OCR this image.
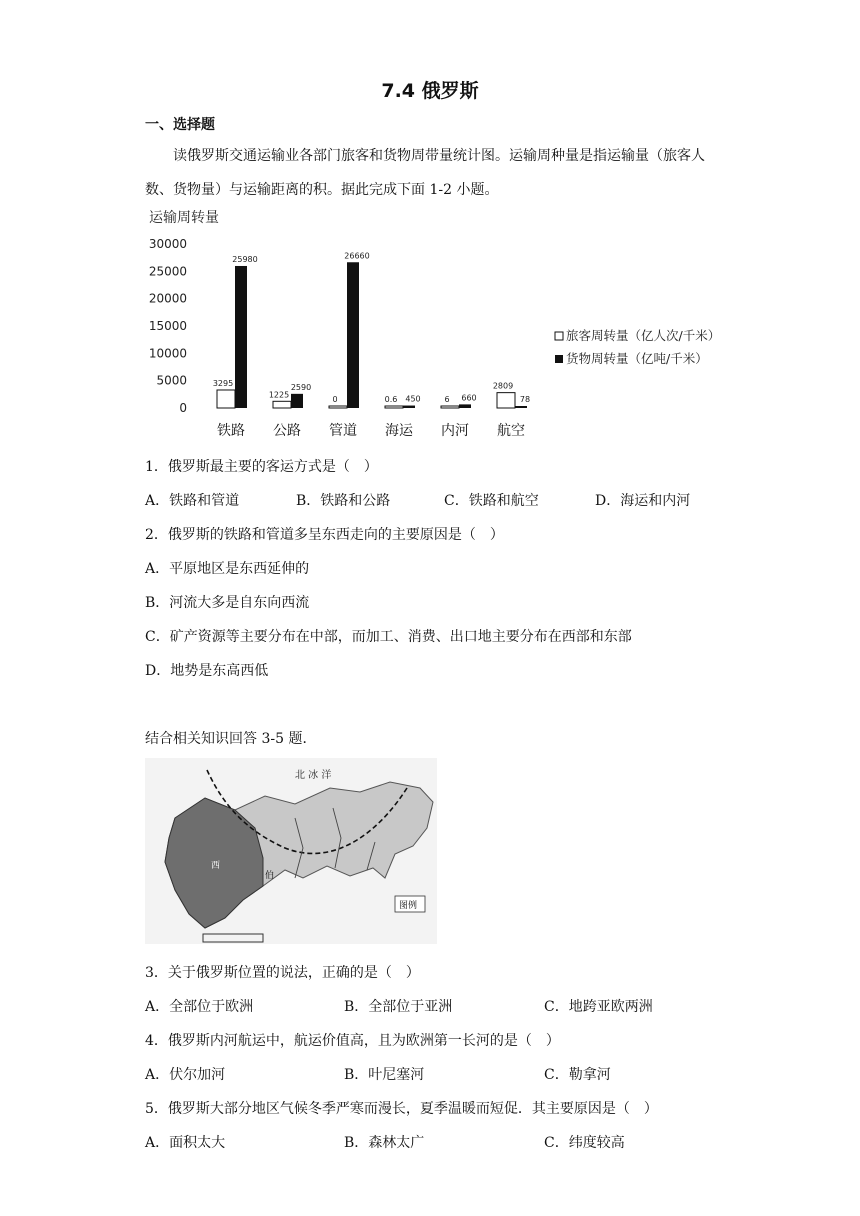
7.4 俄罗斯
一、选择题
读俄罗斯交通运输业各部门旅客和货物周带量统计图。运输周种量是指运输量（旅客人数、货物量）与运输距离的积。据此完成下面 1-2 小题。
运输周转量
30000
25000
20000
15000
10000
5000
0
3295
25980
1225
2590
0
26660
0.6 450	6 660
2809
78
铁路 公路 管道 海运 内河 航空
旅客周转量（亿人次/千米）
货物周转量（亿吨/千米）
1．俄罗斯最主要的客运方式是（　）
A．铁路和管道	B．铁路和公路	C．铁路和航空	D．海运和内河
2．俄罗斯的铁路和管道多呈东西走向的主要原因是（　）
A．平原地区是东西延伸的
B．河流大多是自东向西流
C．矿产资源等主要分布在中部，而加工、消费、出口地主要分布在西部和东部
D．地势是东高西低
结合相关知识回答 3-5 题．
北 冰 洋
西
伯
图例
3．关于俄罗斯位置的说法，正确的是（　）
A．全部位于欧洲	B．全部位于亚洲	C．地跨亚欧两洲
4．俄罗斯内河航运中，航运价值高，且为欧洲第一长河的是（　）
A．伏尔加河	B．叶尼塞河	C．勒拿河
5．俄罗斯大部分地区气候冬季严寒而漫长，夏季温暖而短促．其主要原因是（　）
A．面积太大	B．森林太广	C．纬度较高
